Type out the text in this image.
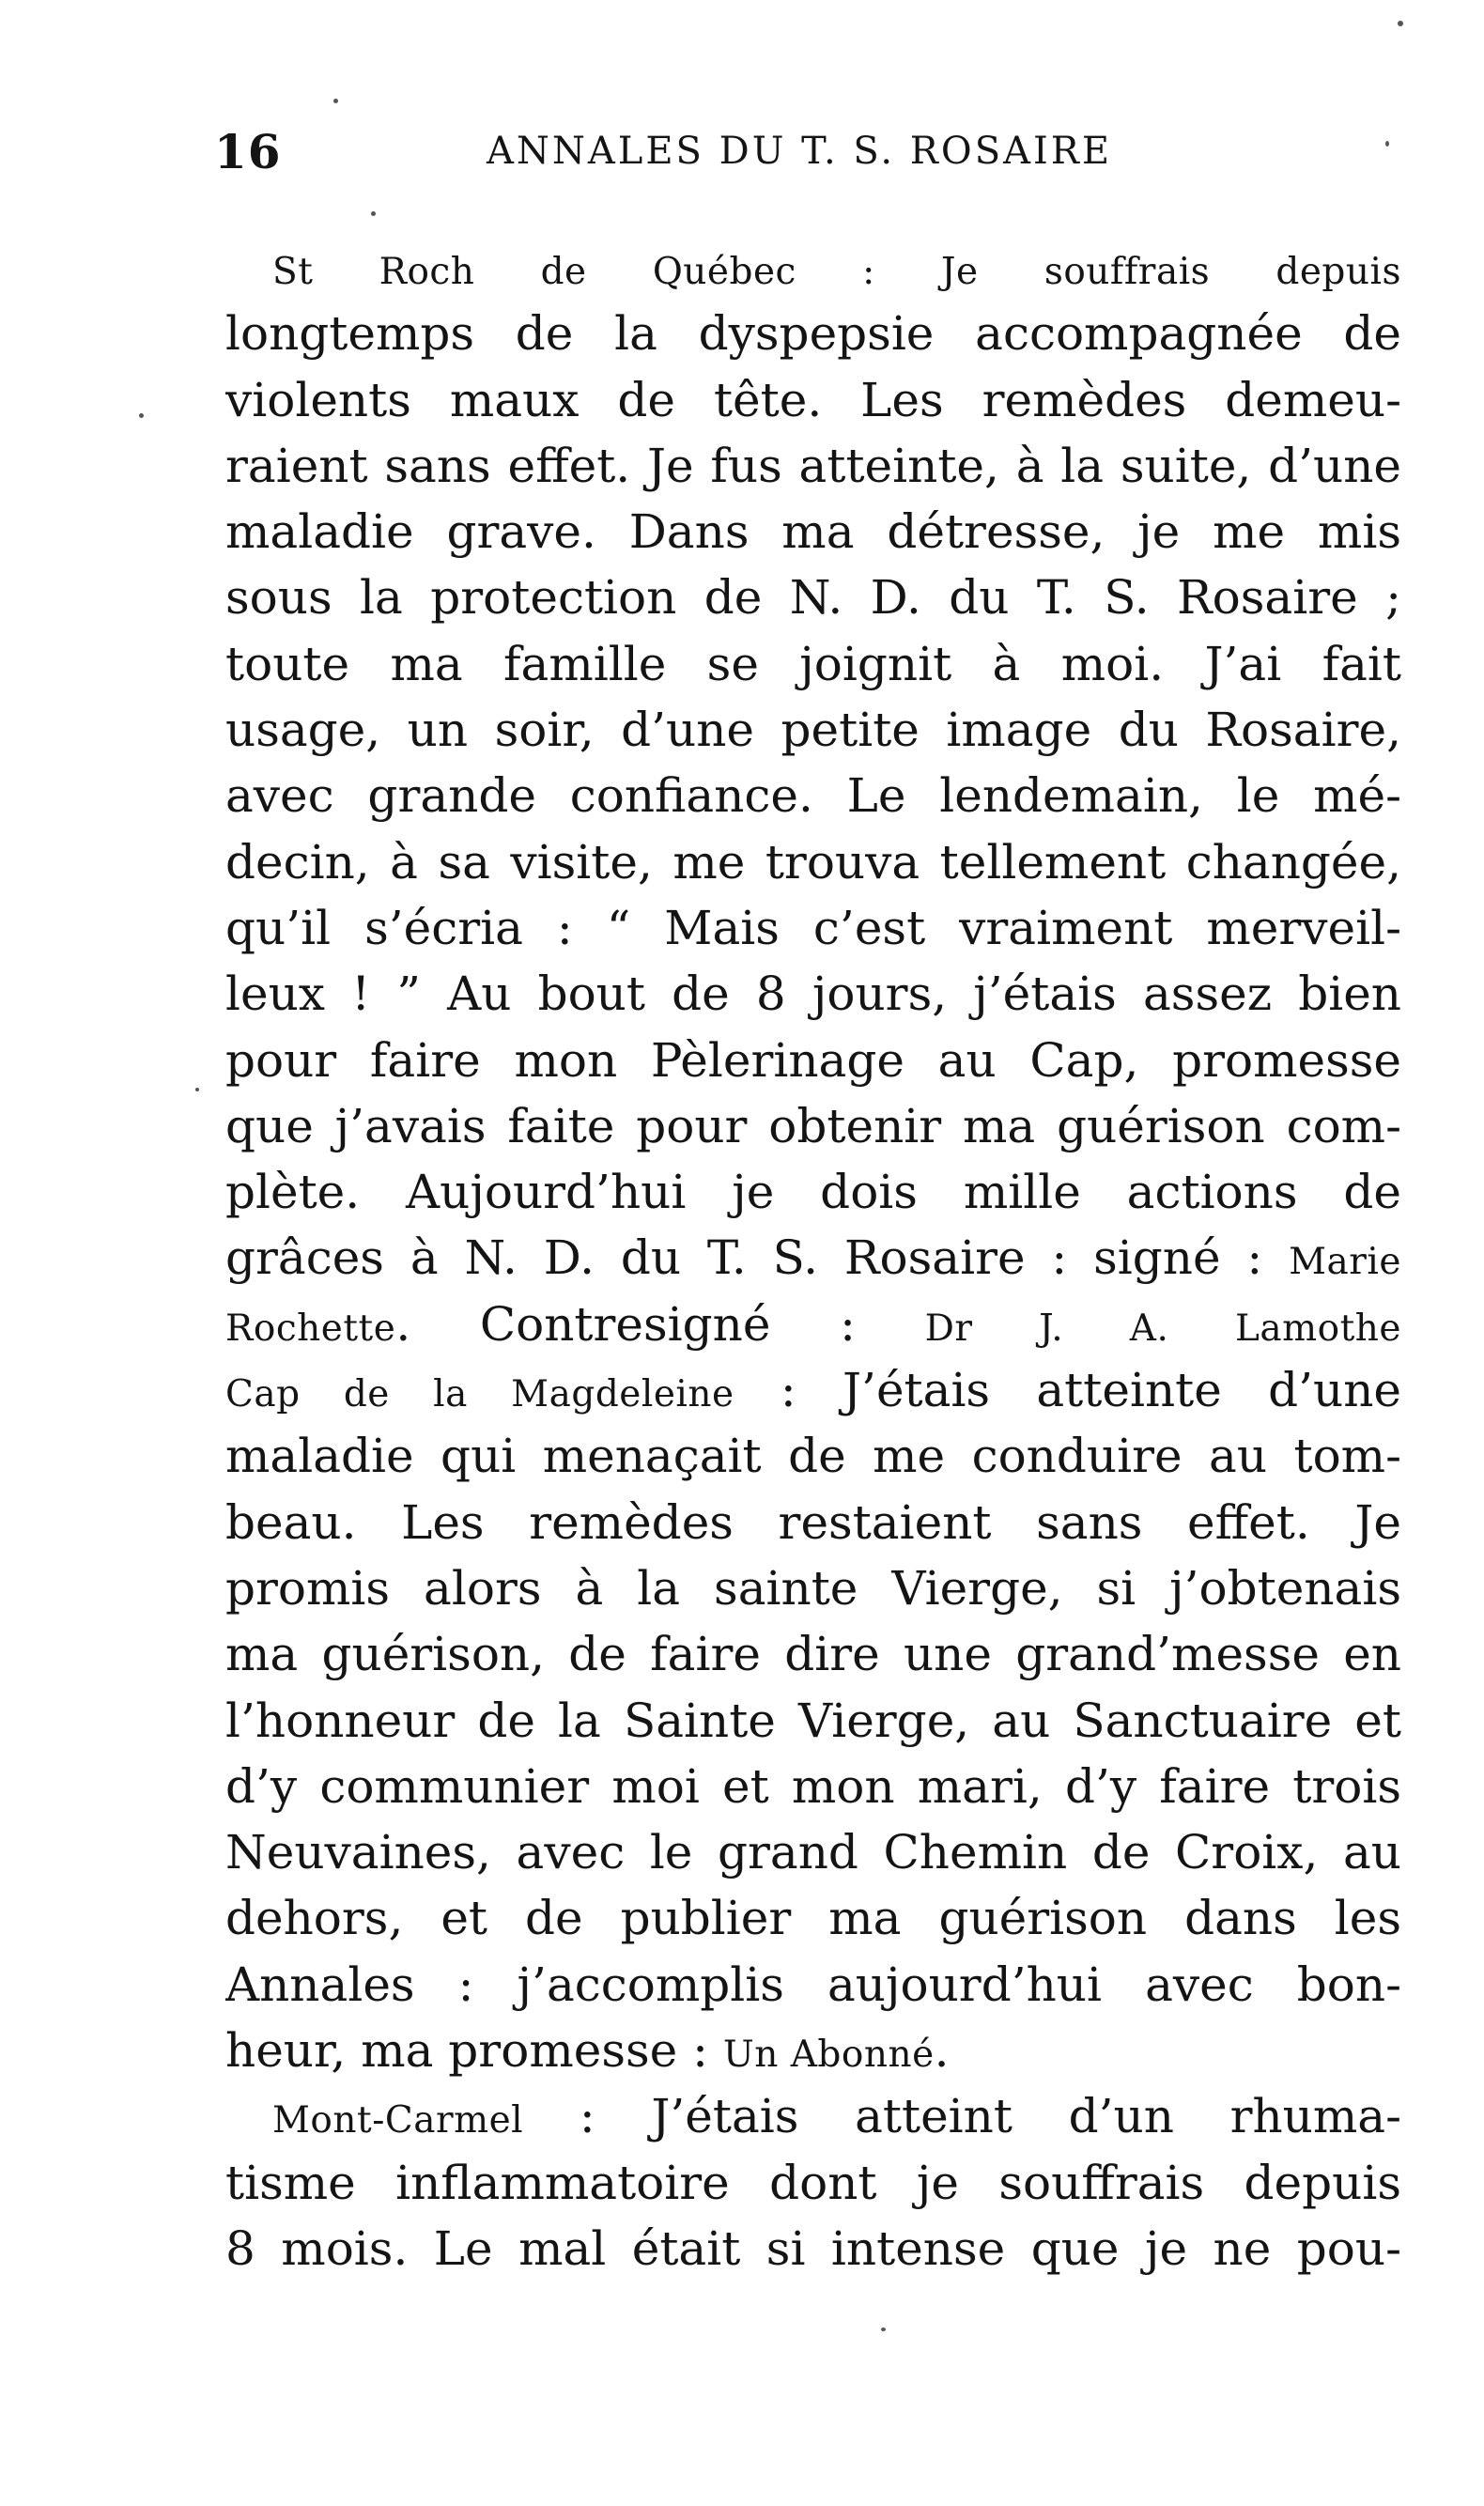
16	ANNALES DU T. S. ROSAIRE
St Roch de Québec : Je souffrais depuis
longtemps de la dyspepsie accompagnée de
violents maux de tête. Les remèdes demeu-
raient sans effet. Je fus atteinte, à la suite, d’une
maladie grave. Dans ma détresse, je me mis
sous la protection de N. D. du T. S. Rosaire ;
toute ma famille se joignit à moi. J’ai fait
usage, un soir, d’une petite image du Rosaire,
avec grande confiance. Le lendemain, le mé-
decin, à sa visite, me trouva tellement changée,
qu’il s’écria : “ Mais c’est vraiment merveil-
leux ! ” Au bout de 8 jours, j’étais assez bien
pour faire mon Pèlerinage au Cap, promesse
que j’avais faite pour obtenir ma guérison com-
plète. Aujourd’hui je dois mille actions de
grâces à N. D. du T. S. Rosaire : signé : Marie
Rochette. Contresigné : Dr J. A. Lamothe
Cap de la Magdeleine : J’étais atteinte d’une
maladie qui menaçait de me conduire au tom-
beau. Les remèdes restaient sans effet. Je
promis alors à la sainte Vierge, si j’obtenais
ma guérison, de faire dire une grand’messe en
l’honneur de la Sainte Vierge, au Sanctuaire et
d’y communier moi et mon mari, d’y faire trois
Neuvaines, avec le grand Chemin de Croix, au
dehors, et de publier ma guérison dans les
Annales : j’accomplis aujourd’hui avec bon-
heur, ma promesse : Un Abonné.
Mont-Carmel : J’étais atteint d’un rhuma-
tisme inflammatoire dont je souffrais depuis
8 mois. Le mal était si intense que je ne pou-
